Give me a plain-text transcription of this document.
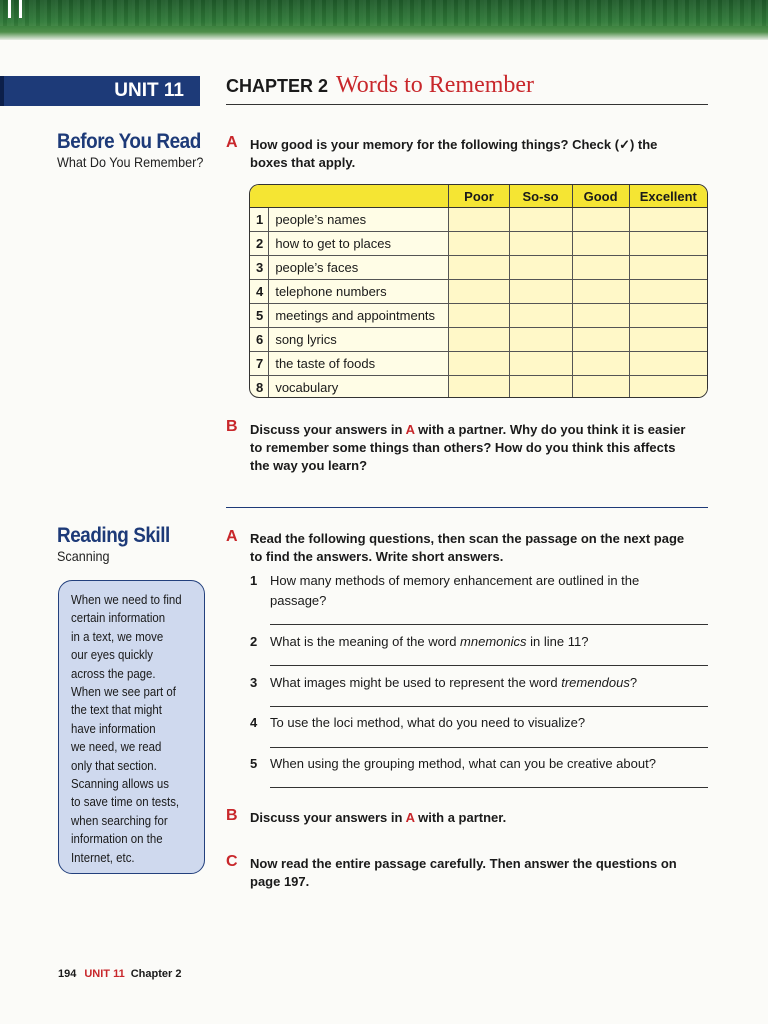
UNIT 11 CHAPTER 2 Words to Remember
Before You Read
What Do You Remember?
A How good is your memory for the following things? Check (✓) the
boxes that apply.
		Poor	So-so	Good	Excellent
1	people’s names				
2	how to get to places				
3	people’s faces				
4	telephone numbers				
5	meetings and appointments				
6	song lyrics				
7	the taste of foods				
8	vocabulary				
B Discuss your answers in A with a partner. Why do you think it is easier
to remember some things than others? How do you think this affects
the way you learn?
Reading Skill
Scanning

When we need to find

certain information

in a text, we move

our eyes quickly

across the page.

When we see part of

the text that might

have information

we need, we read

only that section.

Scanning allows us

to save time on tests,

when searching for

information on the

Internet, etc.

A Read the following questions, then scan the passage on the next page
to find the answers. Write short answers.
1 How many methods of memory enhancement are outlined in the
passage?
2 What is the meaning of the word mnemonics in line 11?
3 What images might be used to represent the word tremendous?
4 To use the loci method, what do you need to visualize?
5 When using the grouping method, what can you be creative about?
B Discuss your answers in A with a partner.
C Now read the entire passage carefully. Then answer the questions on
page 197.
194 UNIT 11 Chapter 2
